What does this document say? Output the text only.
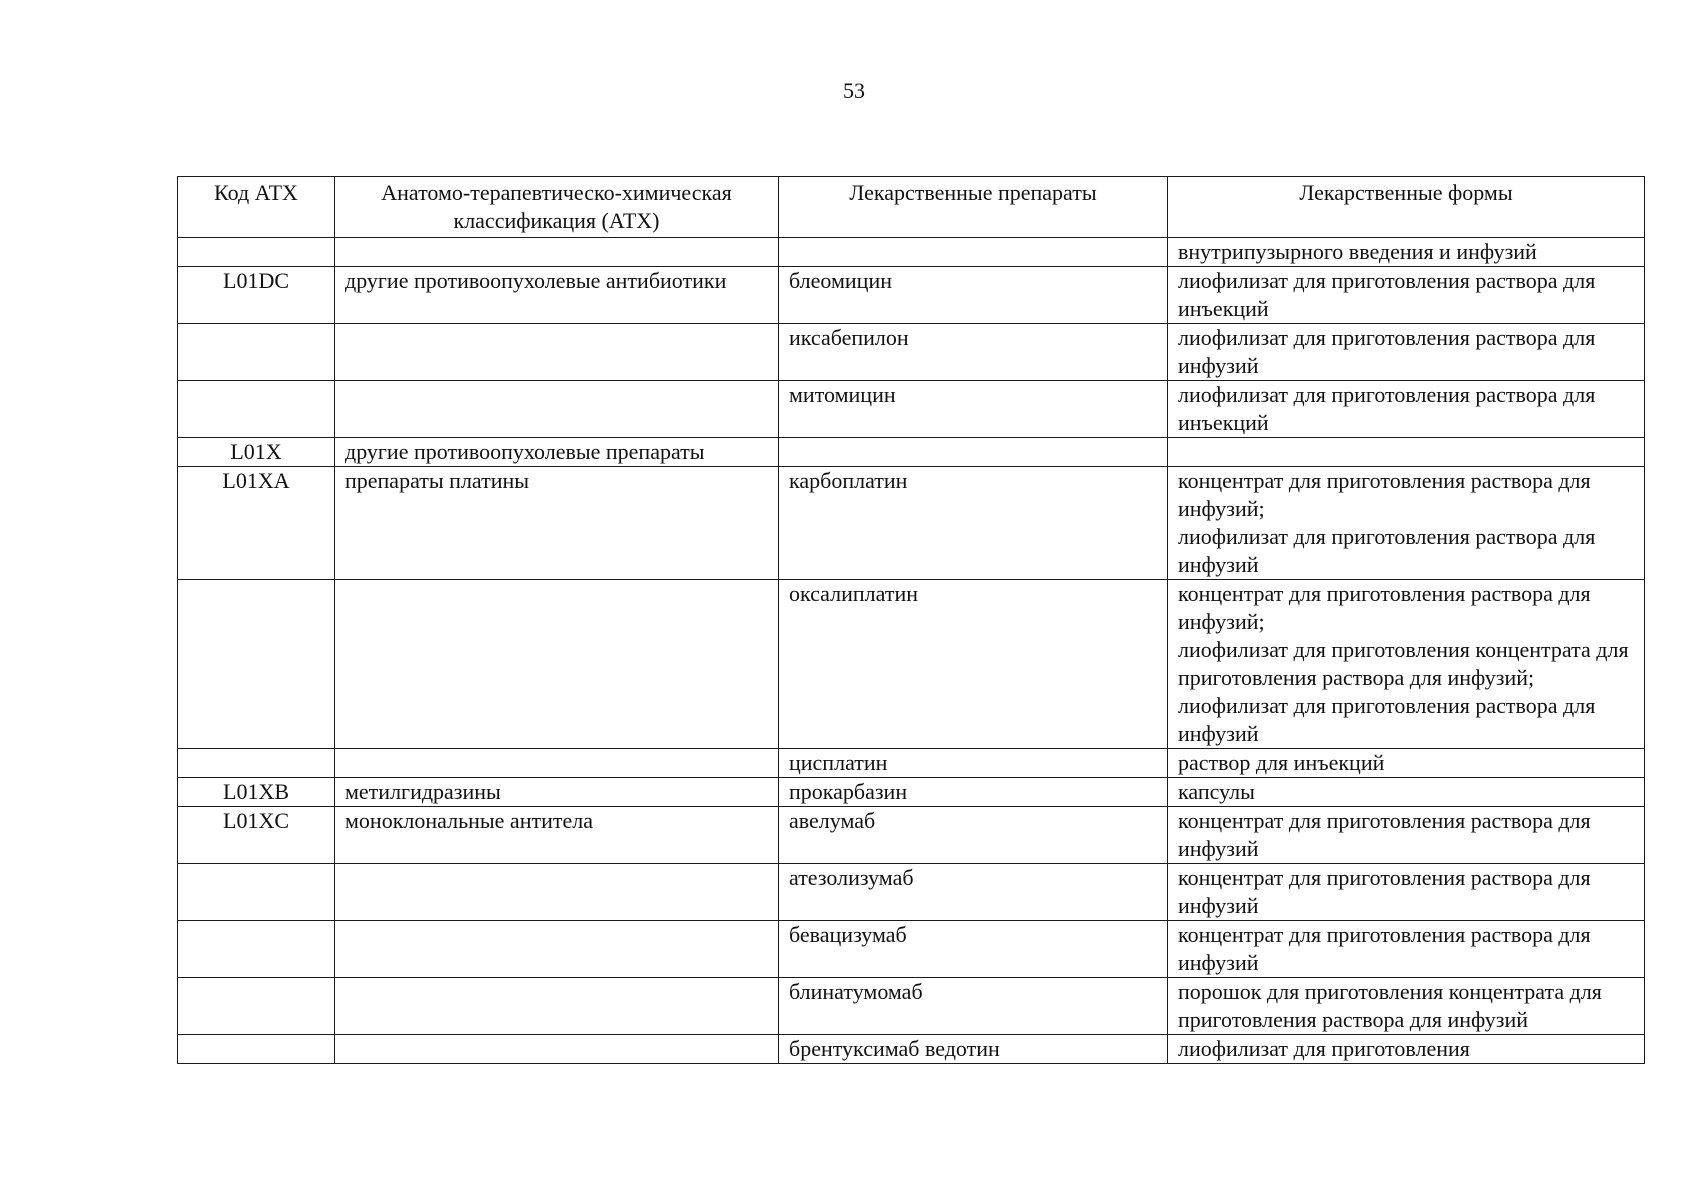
53
Код АТХ	Анатомо-терапевтическо-химическая классификация (АТХ)	Лекарственные препараты	Лекарственные формы

			внутрипузырного введения и инфузий

L01DC	другие противоопухолевые антибиотики	блеомицин	лиофилизат для приготовления раствора для инъекций

		иксабепилон	лиофилизат для приготовления раствора для инфузий

		митомицин	лиофилизат для приготовления раствора для инъекций

L01X	другие противоопухолевые препараты		

L01XA	препараты платины	карбоплатин	концентрат для приготовления раствора для инфузий;
лиофилизат для приготовления раствора для инфузий

		оксалиплатин	концентрат для приготовления раствора для инфузий;
лиофилизат для приготовления концентрата для приготовления раствора для инфузий;
лиофилизат для приготовления раствора для инфузий

		цисплатин	раствор для инъекций

L01XB	метилгидразины	прокарбазин	капсулы

L01XC	моноклональные антитела	авелумаб	концентрат для приготовления раствора для инфузий

		атезолизумаб	концентрат для приготовления раствора для инфузий

		бевацизумаб	концентрат для приготовления раствора для инфузий

		блинатумомаб	порошок для приготовления концентрата для приготовления раствора для инфузий

		брентуксимаб ведотин	лиофилизат для приготовления
